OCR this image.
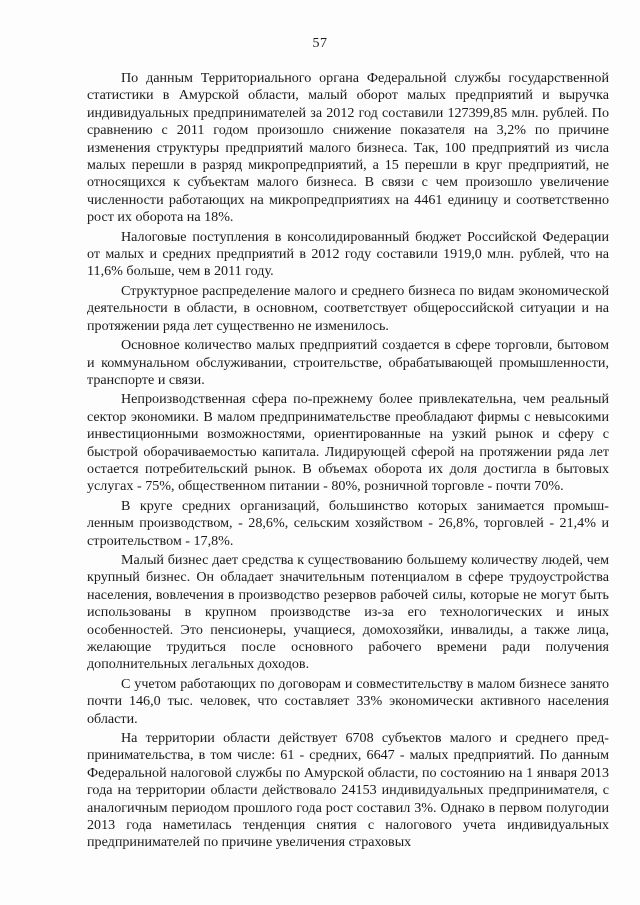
57

По данным Территориального органа Федеральной службы государственной статистики в Амурской области, малый оборот малых предприятий и выручка индивидуальных предпринимателей за 2012 год составили 127399,85 млн. рублей. По сравнению с 2011 годом произошло снижение показателя на 3,2% по причине изменения структуры предприятий малого бизнеса. Так, 100 предприятий из числа малых перешли в разряд микропредприятий, а 15 перешли в круг предприятий, не относящихся к субъектам малого бизнеса. В связи с чем произошло увеличение численности работающих на микропредприятиях на 4461 единицу и соответственно рост их оборота на 18%.

Налоговые поступления в консолидированный бюджет Российской Федерации от малых и средних предприятий в 2012 году составили 1919,0 млн. рублей, что на 11,6% больше, чем в 2011 году.

Структурное распределение малого и среднего бизнеса по видам экономической деятельности в области, в основном, соответствует общероссийской ситуации и на протяжении ряда лет существенно не изменилось.

Основное количество малых предприятий создается в сфере торговли, бытовом и коммунальном обслуживании, строительстве, обрабатывающей промышленности, транспорте и связи.

Непроизводственная сфера по-прежнему более привлекательна, чем реальный сектор экономики. В малом предпринимательстве преобладают фирмы с невысокими инвестиционными возможностями, ориентированные на узкий рынок и сферу с быстрой оборачиваемостью капитала. Лидирующей сферой на протяжении ряда лет остается потребительский рынок. В объемах оборота их доля достигла в бытовых услугах - 75%, общественном питании - 80%, розничной торговле - почти 70%.

В круге средних организаций, большинство которых занимается промышленным производством, - 28,6%, сельским хозяйством - 26,8%, торговлей - 21,4% и строительством - 17,8%.

Малый бизнес дает средства к существованию большему количеству людей, чем крупный бизнес. Он обладает значительным потенциалом в сфере трудоустройства населения, вовлечения в производство резервов рабочей силы, которые не могут быть использованы в крупном производстве из-за его технологических и иных особенностей. Это пенсионеры, учащиеся, домохозяйки, инвалиды, а также лица, желающие трудиться после основного рабочего времени ради получения дополнительных легальных доходов.

С учетом работающих по договорам и совместительству в малом бизнесе занято почти 146,0 тыс. человек, что составляет 33% экономически активного населения области.

На территории области действует 6708 субъектов малого и среднего предпринимательства, в том числе: 61 - средних, 6647 - малых предприятий. По данным Федеральной налоговой службы по Амурской области, по состоянию на 1 января 2013 года на территории области действовало 24153 индивидуальных предпринимателя, с аналогичным периодом прошлого года рост составил 3%. Однако в первом полугодии 2013 года наметилась тенденция снятия с налогового учета индивидуальных предпринимателей по причине увеличения страховых
